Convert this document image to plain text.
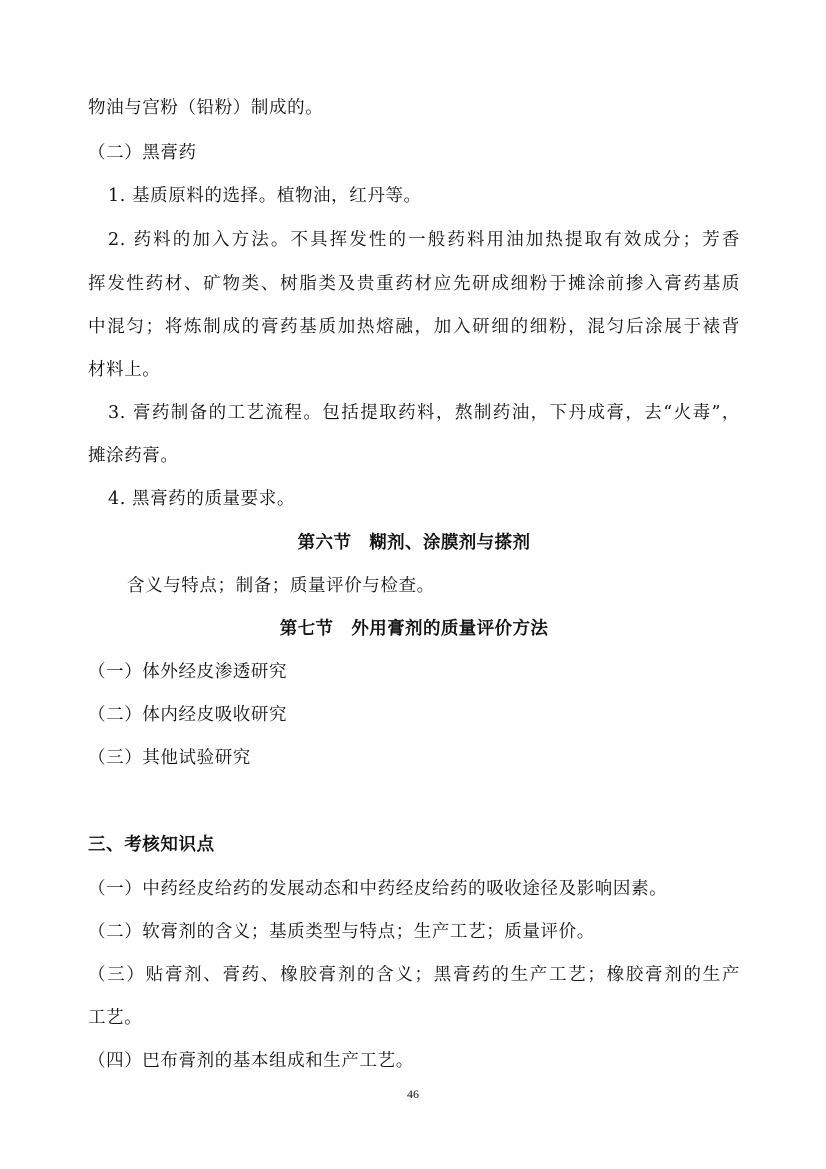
物油与宫粉（铅粉）制成的。
（二）黑膏药
1. 基质原料的选择。植物油，红丹等。
2. 药料的加入方法。不具挥发性的一般药料用油加热提取有效成分；芳香
挥发性药材、矿物类、树脂类及贵重药材应先研成细粉于摊涂前掺入膏药基质
中混匀；将炼制成的膏药基质加热熔融，加入研细的细粉，混匀后涂展于裱背
材料上。
3. 膏药制备的工艺流程。包括提取药料，熬制药油，下丹成膏，去“火毒”，
摊涂药膏。
4. 黑膏药的质量要求。
第六节　糊剂、涂膜剂与搽剂
含义与特点；制备；质量评价与检查。
第七节　外用膏剂的质量评价方法
（一）体外经皮渗透研究
（二）体内经皮吸收研究
（三）其他试验研究
三、考核知识点
（一）中药经皮给药的发展动态和中药经皮给药的吸收途径及影响因素。
（二）软膏剂的含义；基质类型与特点；生产工艺；质量评价。
（三）贴膏剂、膏药、橡胶膏剂的含义；黑膏药的生产工艺；橡胶膏剂的生产
工艺。
（四）巴布膏剂的基本组成和生产工艺。
46
